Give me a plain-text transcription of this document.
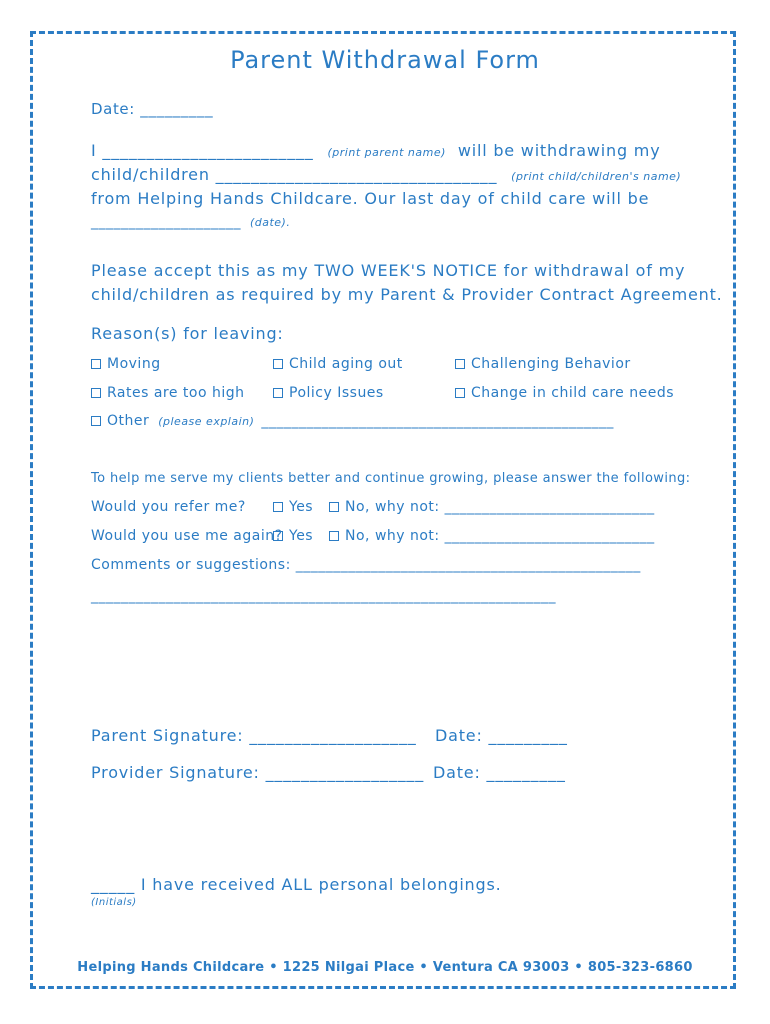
Parent Withdrawal Form
Date: _________
I ________________________ (print parent name) will be withdrawing my
child/children ________________________________ (print child/children's name)
from Helping Hands Childcare. Our last day of child care will be
____________________ (date).
Please accept this as my TWO WEEK'S NOTICE for withdrawal of my
child/children as required by my Parent & Provider Contract Agreement.
Reason(s) for leaving:
Moving	Child aging out	Challenging Behavior
Rates are too high	Policy Issues	Change in child care needs
Other (please explain) _______________________________________________
To help me serve my clients better and continue growing, please answer the following:
Would you refer me?	Yes	No, why not: ____________________________
Would you use me again? Yes	No, why not: ____________________________
Comments or suggestions: ______________________________________________
______________________________________________________________
Parent Signature: ___________________ Date: _________
Provider Signature: __________________ Date: _________
_____ I have received ALL personal belongings.
(Initials)
Helping Hands Childcare • 1225 Nilgai Place • Ventura CA 93003 • 805-323-6860
